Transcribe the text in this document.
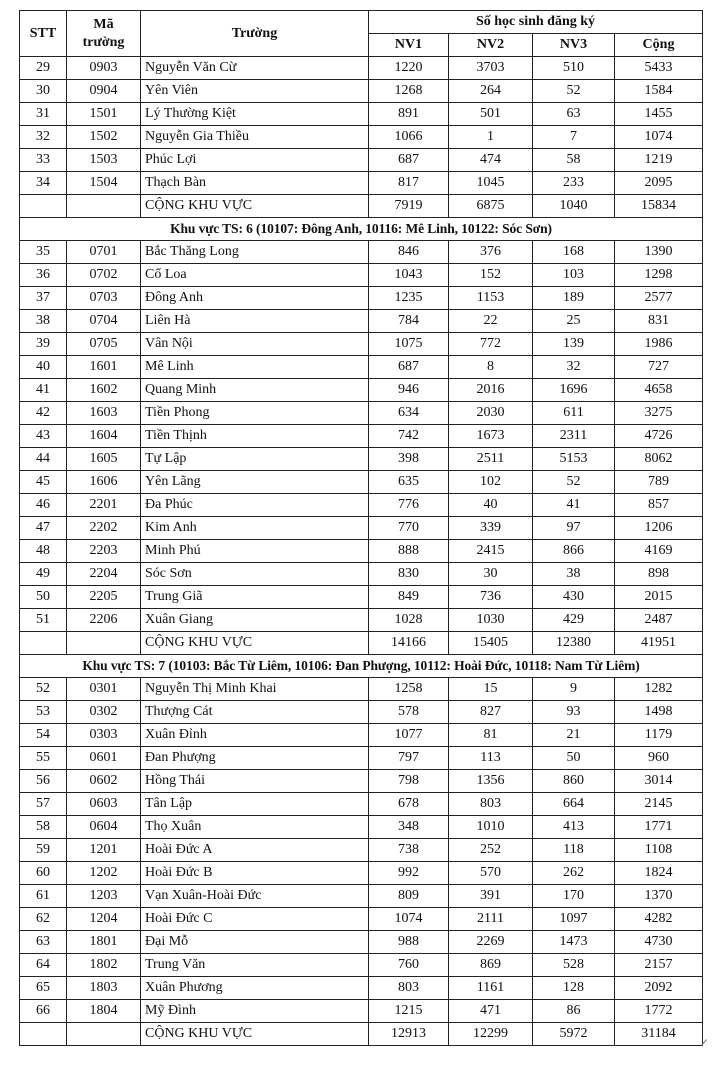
STT	Mã trường	Trường	Số học sinh đăng ký			
			NV1	NV2	NV3	Cộng
29	0903	Nguyễn Văn Cừ	1220	3703	510	5433
30	0904	Yên Viên	1268	264	52	1584
31	1501	Lý Thường Kiệt	891	501	63	1455
32	1502	Nguyễn Gia Thiều	1066	1	7	1074
33	1503	Phúc Lợi	687	474	58	1219
34	1504	Thạch Bàn	817	1045	233	2095
		CỘNG KHU VỰC	7919	6875	1040	15834
Khu vực TS: 6 (10107: Đông Anh, 10116: Mê Linh, 10122: Sóc Sơn)						
35	0701	Bắc Thăng Long	846	376	168	1390
36	0702	Cổ Loa	1043	152	103	1298
37	0703	Đông Anh	1235	1153	189	2577
38	0704	Liên Hà	784	22	25	831
39	0705	Vân Nội	1075	772	139	1986
40	1601	Mê Linh	687	8	32	727
41	1602	Quang Minh	946	2016	1696	4658
42	1603	Tiền Phong	634	2030	611	3275
43	1604	Tiền Thịnh	742	1673	2311	4726
44	1605	Tự Lập	398	2511	5153	8062
45	1606	Yên Lãng	635	102	52	789
46	2201	Đa Phúc	776	40	41	857
47	2202	Kim Anh	770	339	97	1206
48	2203	Minh Phú	888	2415	866	4169
49	2204	Sóc Sơn	830	30	38	898
50	2205	Trung Giã	849	736	430	2015
51	2206	Xuân Giang	1028	1030	429	2487
		CỘNG KHU VỰC	14166	15405	12380	41951
Khu vực TS: 7 (10103: Bắc Từ Liêm, 10106: Đan Phượng, 10112: Hoài Đức, 10118: Nam Từ Liêm)						
52	0301	Nguyễn Thị Minh Khai	1258	15	9	1282
53	0302	Thượng Cát	578	827	93	1498
54	0303	Xuân Đỉnh	1077	81	21	1179
55	0601	Đan Phượng	797	113	50	960
56	0602	Hồng Thái	798	1356	860	3014
57	0603	Tân Lập	678	803	664	2145
58	0604	Thọ Xuân	348	1010	413	1771
59	1201	Hoài Đức A	738	252	118	1108
60	1202	Hoài Đức B	992	570	262	1824
61	1203	Vạn Xuân-Hoài Đức	809	391	170	1370
62	1204	Hoài Đức C	1074	2111	1097	4282
63	1801	Đại Mỗ	988	2269	1473	4730
64	1802	Trung Văn	760	869	528	2157
65	1803	Xuân Phương	803	1161	128	2092
66	1804	Mỹ Đình	1215	471	86	1772
		CỘNG KHU VỰC	12913	12299	5972	31184
